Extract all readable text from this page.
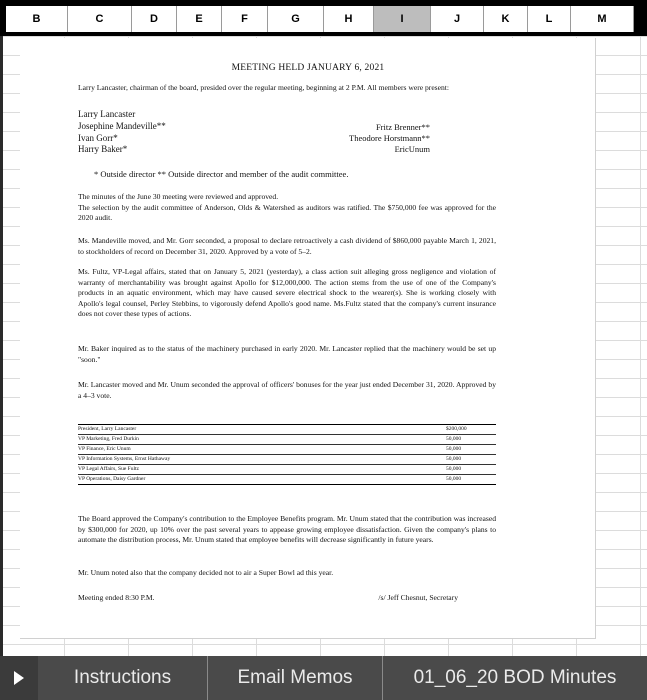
B	C	D	E	F	G	H	I	J	K	L	M
MEETING HELD JANUARY 6, 2021
Larry Lancaster, chairman of the board, presided over the regular meeting, beginning at 2 P.M. All members were present:
Larry Lancaster
Josephine Mandeville**
Ivan Gorr*
Harry Baker*
Fritz Brenner**
Theodore Horstmann**
EricUnum
* Outside director ** Outside director and member of the audit committee.
The minutes of the June 30 meeting were reviewed and approved.
The selection by the audit committee of Anderson, Olds & Watershed as auditors was ratified. The $750,000 fee was approved for the 2020 audit.
Ms. Mandeville moved, and Mr. Gorr seconded, a proposal to declare retroactively a cash dividend of $860,000 payable March 1, 2021, to stockholders of record on December 31, 2020. Approved by a vote of 5–2.
Ms. Fultz, VP-Legal affairs, stated that on January 5, 2021 (yesterday), a class action suit alleging gross negligence and violation of warranty of merchantability was brought against Apollo for $12,000,000. The action stems from the use of one of the Company's products in an aquatic environment, which may have caused severe electrical shock to the wearer(s). She is working closely with Apollo's legal counsel, Perley Stebbins, to vigorously defend Apollo's good name. Ms.Fultz stated that the company's current insurance does not cover these types of actions.
Mr. Baker inquired as to the status of the machinery purchased in early 2020. Mr. Lancaster replied that the machinery would be set up "soon."
Mr. Lancaster moved and Mr. Unum seconded the approval of officers' bonuses for the year just ended December 31, 2020. Approved by a 4–3 vote.
President, Larry Lancaster	$200,000
VP Marketing, Fred Durkin	50,000
VP Finance, Eric Unum	50,000
VP Information Systems, Ernst Hathaway	50,000
VP Legal Affairs, Sue Fultz	50,000
VP Operations, Daisy Gardner	50,000
The Board approved the Company's contribution to the Employee Benefits program. Mr. Unum stated that the contribution was increased by $300,000 for 2020, up 10% over the past several years to appease growing employee dissatisfaction. Given the company's plans to automate the distribution process, Mr. Unum stated that employee benefits will decrease significantly in future years.
Mr. Unum noted also that the company decided not to air a Super Bowl ad this year.
Meeting ended 8:30 P.M.	/s/ Jeff Chesnut, Secretary
Instructions	Email Memos	01_06_20 BOD Minutes
